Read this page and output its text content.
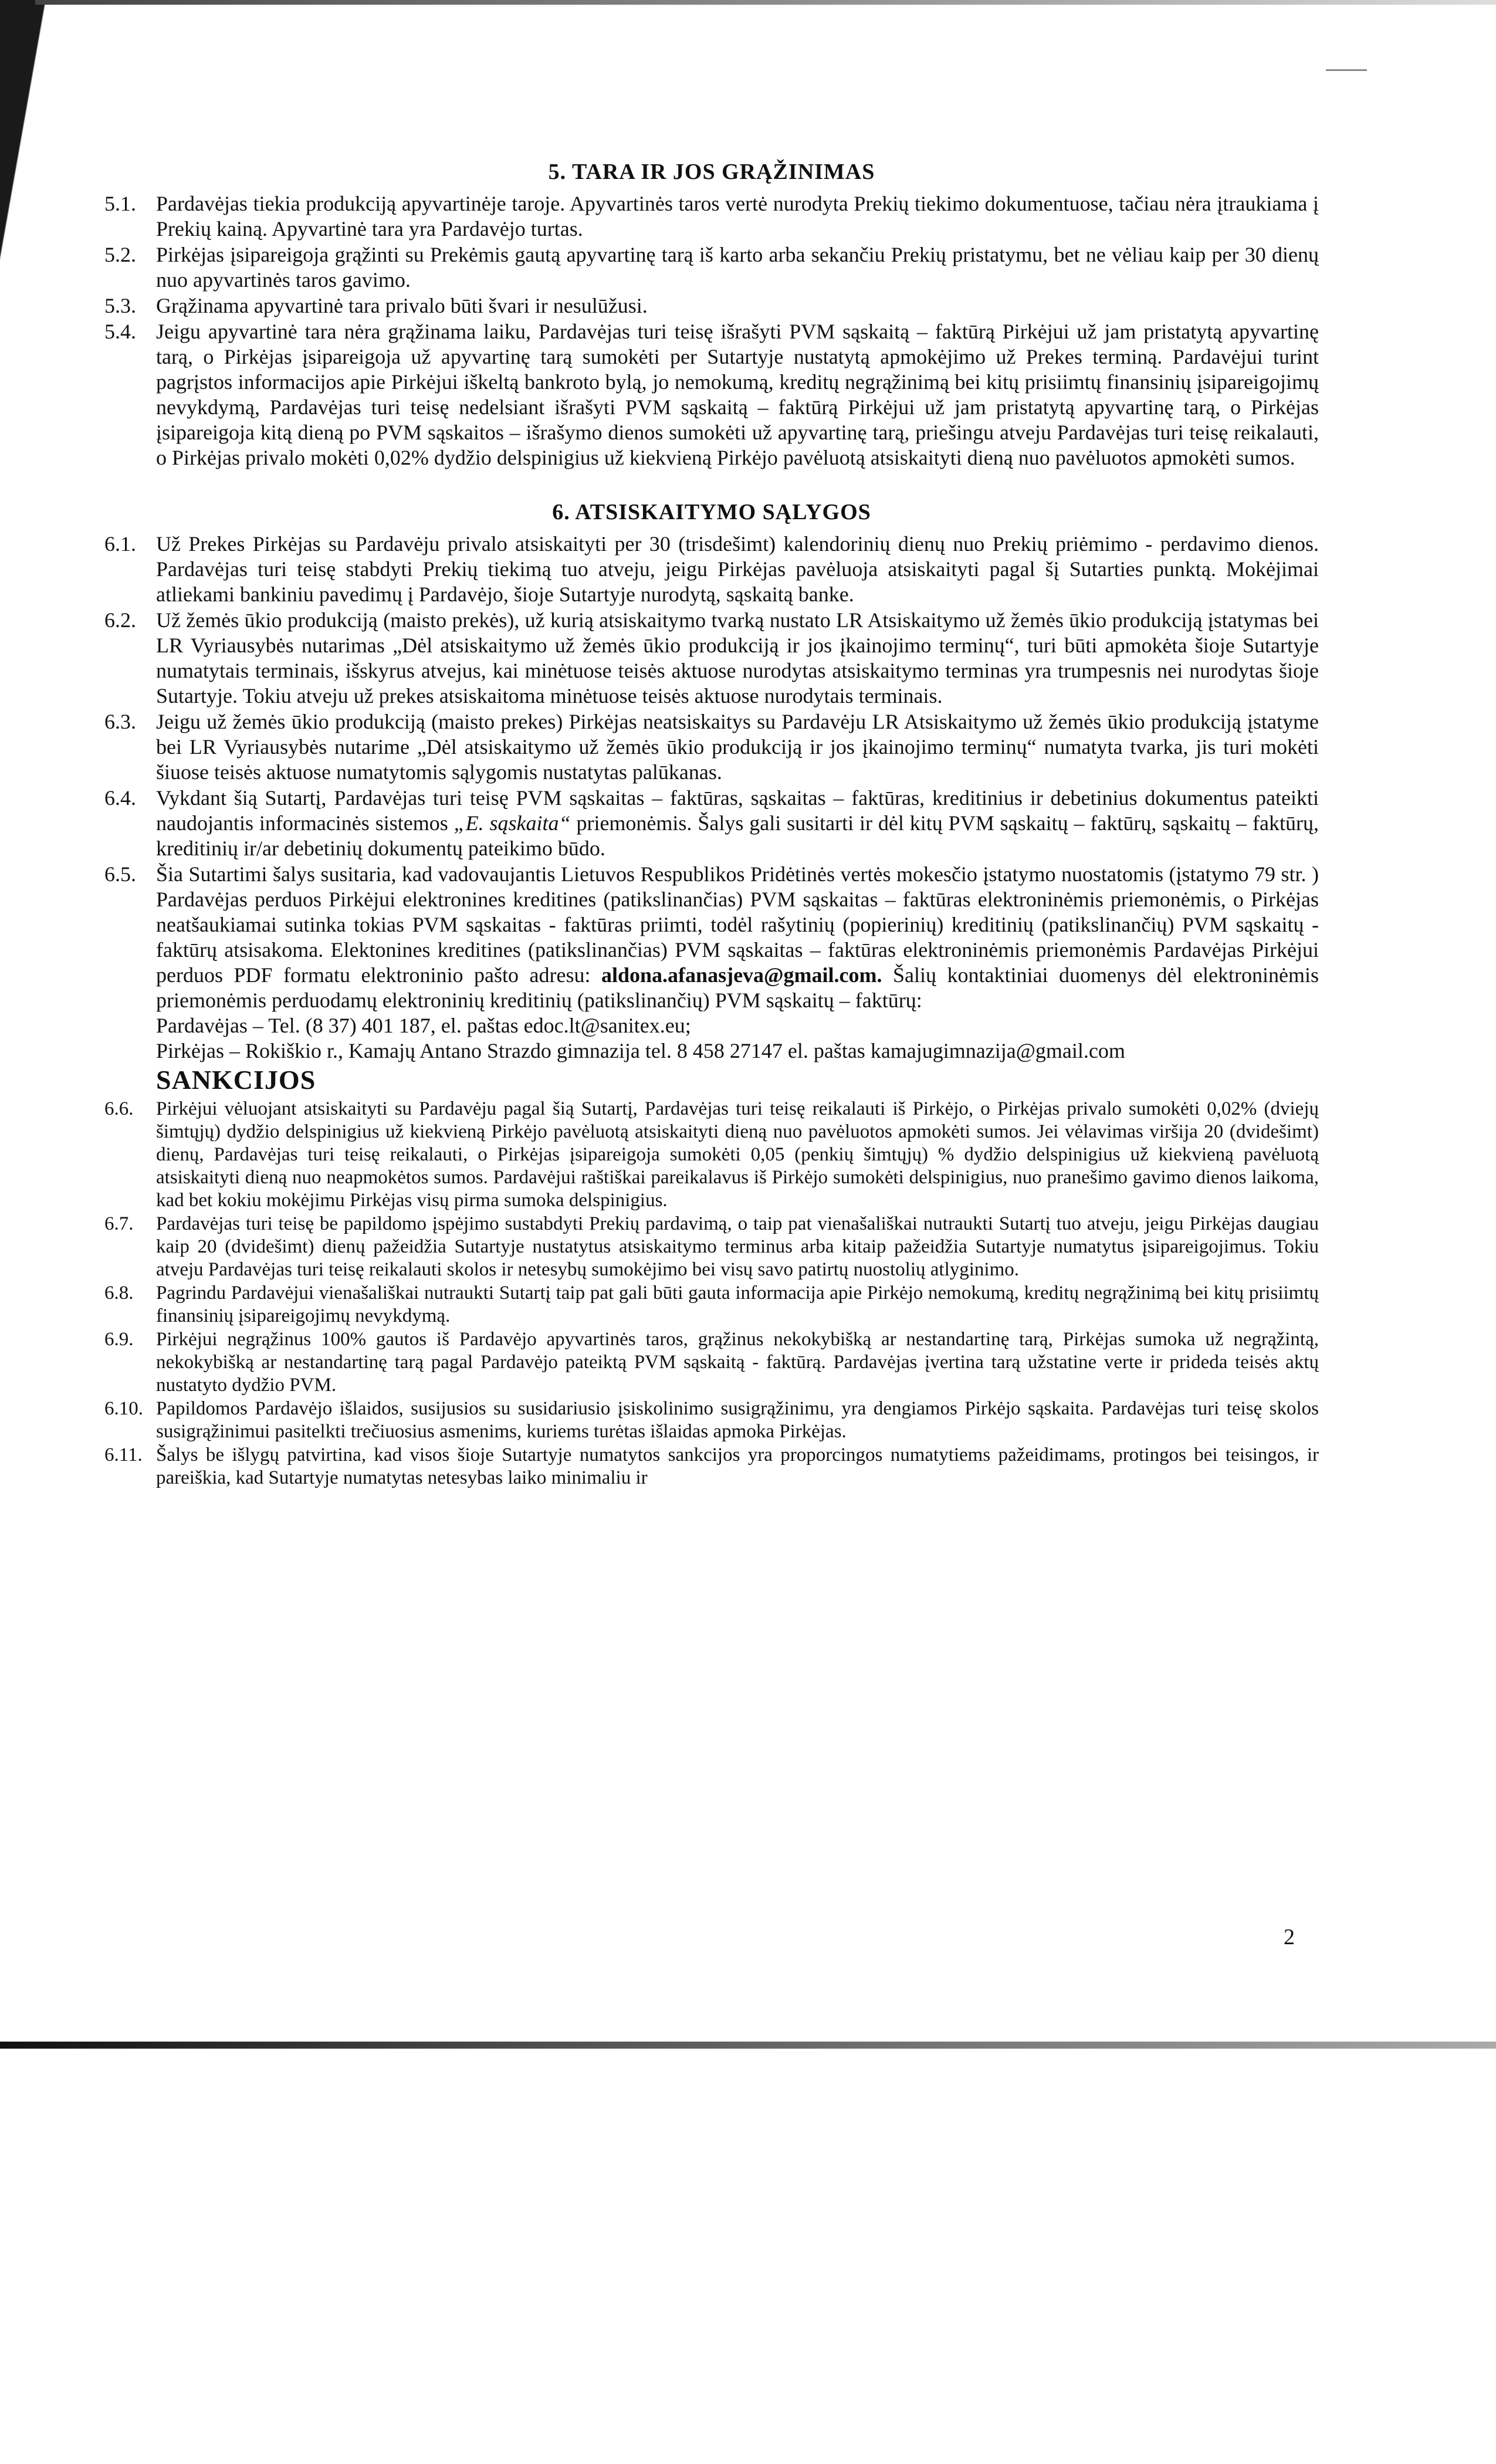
5. TARA IR JOS GRĄŽINIMAS
5.1. Pardavėjas tiekia produkciją apyvartinėje taroje. Apyvartinės taros vertė nurodyta Prekių tiekimo dokumentuose, tačiau nėra įtraukiama į Prekių kainą. Apyvartinė tara yra Pardavėjo turtas.
5.2. Pirkėjas įsipareigoja grąžinti su Prekėmis gautą apyvartinę tarą iš karto arba sekančiu Prekių pristatymu, bet ne vėliau kaip per 30 dienų nuo apyvartinės taros gavimo.
5.3. Grąžinama apyvartinė tara privalo būti švari ir nesulūžusi.
5.4. Jeigu apyvartinė tara nėra grąžinama laiku, Pardavėjas turi teisę išrašyti PVM sąskaitą – faktūrą Pirkėjui už jam pristatytą apyvartinę tarą, o Pirkėjas įsipareigoja už apyvartinę tarą sumokėti per Sutartyje nustatytą apmokėjimo už Prekes terminą. Pardavėjui turint pagrįstos informacijos apie Pirkėjui iškeltą bankroto bylą, jo nemokumą, kreditų negrąžinimą bei kitų prisiimtų finansinių įsipareigojimų nevykdymą, Pardavėjas turi teisę nedelsiant išrašyti PVM sąskaitą – faktūrą Pirkėjui už jam pristatytą apyvartinę tarą, o Pirkėjas įsipareigoja kitą dieną po PVM sąskaitos – išrašymo dienos sumokėti už apyvartinę tarą, priešingu atveju Pardavėjas turi teisę reikalauti, o Pirkėjas privalo mokėti 0,02% dydžio delspinigius už kiekvieną Pirkėjo pavėluotą atsiskaityti dieną nuo pavėluotos apmokėti sumos.
6. ATSISKAITYMO SĄLYGOS
6.1. Už Prekes Pirkėjas su Pardavėju privalo atsiskaityti per 30 (trisdešimt) kalendorinių dienų nuo Prekių priėmimo - perdavimo dienos. Pardavėjas turi teisę stabdyti Prekių tiekimą tuo atveju, jeigu Pirkėjas pavėluoja atsiskaityti pagal šį Sutarties punktą. Mokėjimai atliekami bankiniu pavedimų į Pardavėjo, šioje Sutartyje nurodytą, sąskaitą banke.
6.2. Už žemės ūkio produkciją (maisto prekės), už kurią atsiskaitymo tvarką nustato LR Atsiskaitymo už žemės ūkio produkciją įstatymas bei LR Vyriausybės nutarimas „Dėl atsiskaitymo už žemės ūkio produkciją ir jos įkainojimo terminų“, turi būti apmokėta šioje Sutartyje numatytais terminais, išskyrus atvejus, kai minėtuose teisės aktuose nurodytas atsiskaitymo terminas yra trumpesnis nei nurodytas šioje Sutartyje. Tokiu atveju už prekes atsiskaitoma minėtuose teisės aktuose nurodytais terminais.
6.3. Jeigu už žemės ūkio produkciją (maisto prekes) Pirkėjas neatsiskaitys su Pardavėju LR Atsiskaitymo už žemės ūkio produkciją įstatyme bei LR Vyriausybės nutarime „Dėl atsiskaitymo už žemės ūkio produkciją ir jos įkainojimo terminų“ numatyta tvarka, jis turi mokėti šiuose teisės aktuose numatytomis sąlygomis nustatytas palūkanas.
6.4. Vykdant šią Sutartį, Pardavėjas turi teisę PVM sąskaitas – faktūras, sąskaitas – faktūras, kreditinius ir debetinius dokumentus pateikti naudojantis informacinės sistemos „E. sąskaita“ priemonėmis. Šalys gali susitarti ir dėl kitų PVM sąskaitų – faktūrų, sąskaitų – faktūrų, kreditinių ir/ar debetinių dokumentų pateikimo būdo.
6.5. Šia Sutartimi šalys susitaria, kad vadovaujantis Lietuvos Respublikos Pridėtinės vertės mokesčio įstatymo nuostatomis (įstatymo 79 str. ) Pardavėjas perduos Pirkėjui elektronines kreditines (patikslinančias) PVM sąskaitas – faktūras elektroninėmis priemonėmis, o Pirkėjas neatšaukiamai sutinka tokias PVM sąskaitas - faktūras priimti, todėl rašytinių (popierinių) kreditinių (patikslinančių) PVM sąskaitų - faktūrų atsisakoma. Elektonines kreditines (patikslinančias) PVM sąskaitas – faktūras elektroninėmis priemonėmis Pardavėjas Pirkėjui perduos PDF formatu elektroninio pašto adresu: aldona.afanasjeva@gmail.com. Šalių kontaktiniai duomenys dėl elektroninėmis priemonėmis perduodamų elektroninių kreditinių (patikslinančių) PVM sąskaitų – faktūrų:
Pardavėjas – Tel. (8 37) 401 187, el. paštas edoc.lt@sanitex.eu;
Pirkėjas – Rokiškio r., Kamajų Antano Strazdo gimnazija tel. 8 458 27147 el. paštas kamajugimnazija@gmail.com
SANKCIJOS
6.6.	Pirkėjui vėluojant atsiskaityti su Pardavėju pagal šią Sutartį, Pardavėjas turi teisę reikalauti iš Pirkėjo, o Pirkėjas privalo sumokėti 0,02% (dviejų šimtųjų) dydžio delspinigius už kiekvieną Pirkėjo pavėluotą atsiskaityti dieną nuo pavėluotos apmokėti sumos. Jei vėlavimas viršija 20 (dvidešimt) dienų, Pardavėjas turi teisę reikalauti, o Pirkėjas įsipareigoja sumokėti 0,05 (penkių šimtųjų) % dydžio delspinigius už kiekvieną pavėluotą atsiskaityti dieną nuo neapmokėtos sumos. Pardavėjui raštiškai pareikalavus iš Pirkėjo sumokėti delspinigius, nuo pranešimo gavimo dienos laikoma, kad bet kokiu mokėjimu Pirkėjas visų pirma sumoka delspinigius.
6.7.	Pardavėjas turi teisę be papildomo įspėjimo sustabdyti Prekių pardavimą, o taip pat vienašališkai nutraukti Sutartį tuo atveju, jeigu Pirkėjas daugiau kaip 20 (dvidešimt) dienų pažeidžia Sutartyje nustatytus atsiskaitymo terminus arba kitaip pažeidžia Sutartyje numatytus įsipareigojimus. Tokiu atveju Pardavėjas turi teisę reikalauti skolos ir netesybų sumokėjimo bei visų savo patirtų nuostolių atlyginimo.
6.8.	Pagrindu Pardavėjui vienašališkai nutraukti Sutartį taip pat gali būti gauta informacija apie Pirkėjo nemokumą, kreditų negrąžinimą bei kitų prisiimtų finansinių įsipareigojimų nevykdymą.
6.9.	Pirkėjui negrąžinus 100% gautos iš Pardavėjo apyvartinės taros, grąžinus nekokybišką ar nestandartinę tarą, Pirkėjas sumoka už negrąžintą, nekokybišką ar nestandartinę tarą pagal Pardavėjo pateiktą PVM sąskaitą - faktūrą. Pardavėjas įvertina tarą užstatine verte ir prideda teisės aktų nustatyto dydžio PVM.
6.10. Papildomos Pardavėjo išlaidos, susijusios su susidariusio įsiskolinimo susigrąžinimu, yra dengiamos Pirkėjo sąskaita. Pardavėjas turi teisę skolos susigrąžinimui pasitelkti trečiuosius asmenims, kuriems turėtas išlaidas apmoka Pirkėjas.
6.11. Šalys be išlygų patvirtina, kad visos šioje Sutartyje numatytos sankcijos yra proporcingos numatytiems pažeidimams, protingos bei teisingos, ir pareiškia, kad Sutartyje numatytas netesybas laiko minimaliu ir
2
